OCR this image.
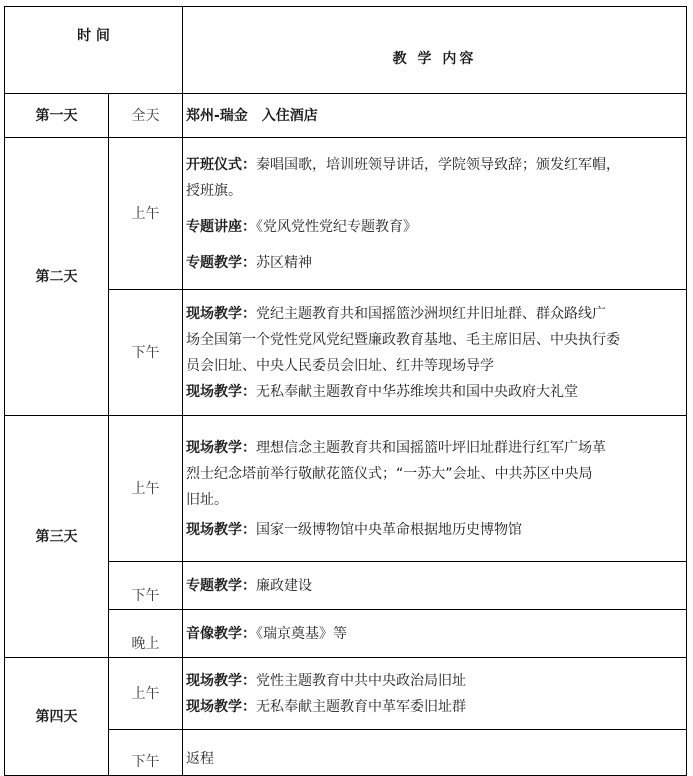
时 间		教 学 内容
第一天	全天	郑州-瑞金　入住酒店
第二天	上午	开班仪式：秦唱国歌，培训班领导讲话，学院领导致辞；颁发红军帽，
授班旗。
专题讲座：《党风党性党纪专题教育》
专题教学：苏区精神

	下午	现场教学：党纪主题教育共和国摇篮沙洲坝红井旧址群、群众路线广
场全国第一个党性党风党纪暨廉政教育基地、毛主席旧居、中央执行委
员会旧址、中央人民委员会旧址、红井等现场导学
现场教学：无私奉献主题教育中华苏维埃共和国中央政府大礼堂

第三天	上午	现场教学：理想信念主题教育共和国摇篮叶坪旧址群进行红军广场革
烈士纪念塔前举行敬献花篮仪式；“一苏大”会址、中共苏区中央局
旧址。
现场教学：国家一级博物馆中央革命根据地历史博物馆

	下午	专题教学：廉政建设

	晚上	音像教学：《瑞京奠基》等

第四天	上午	现场教学：党性主题教育中共中央政治局旧址
现场教学：无私奉献主题教育中革军委旧址群

	下午	返程
